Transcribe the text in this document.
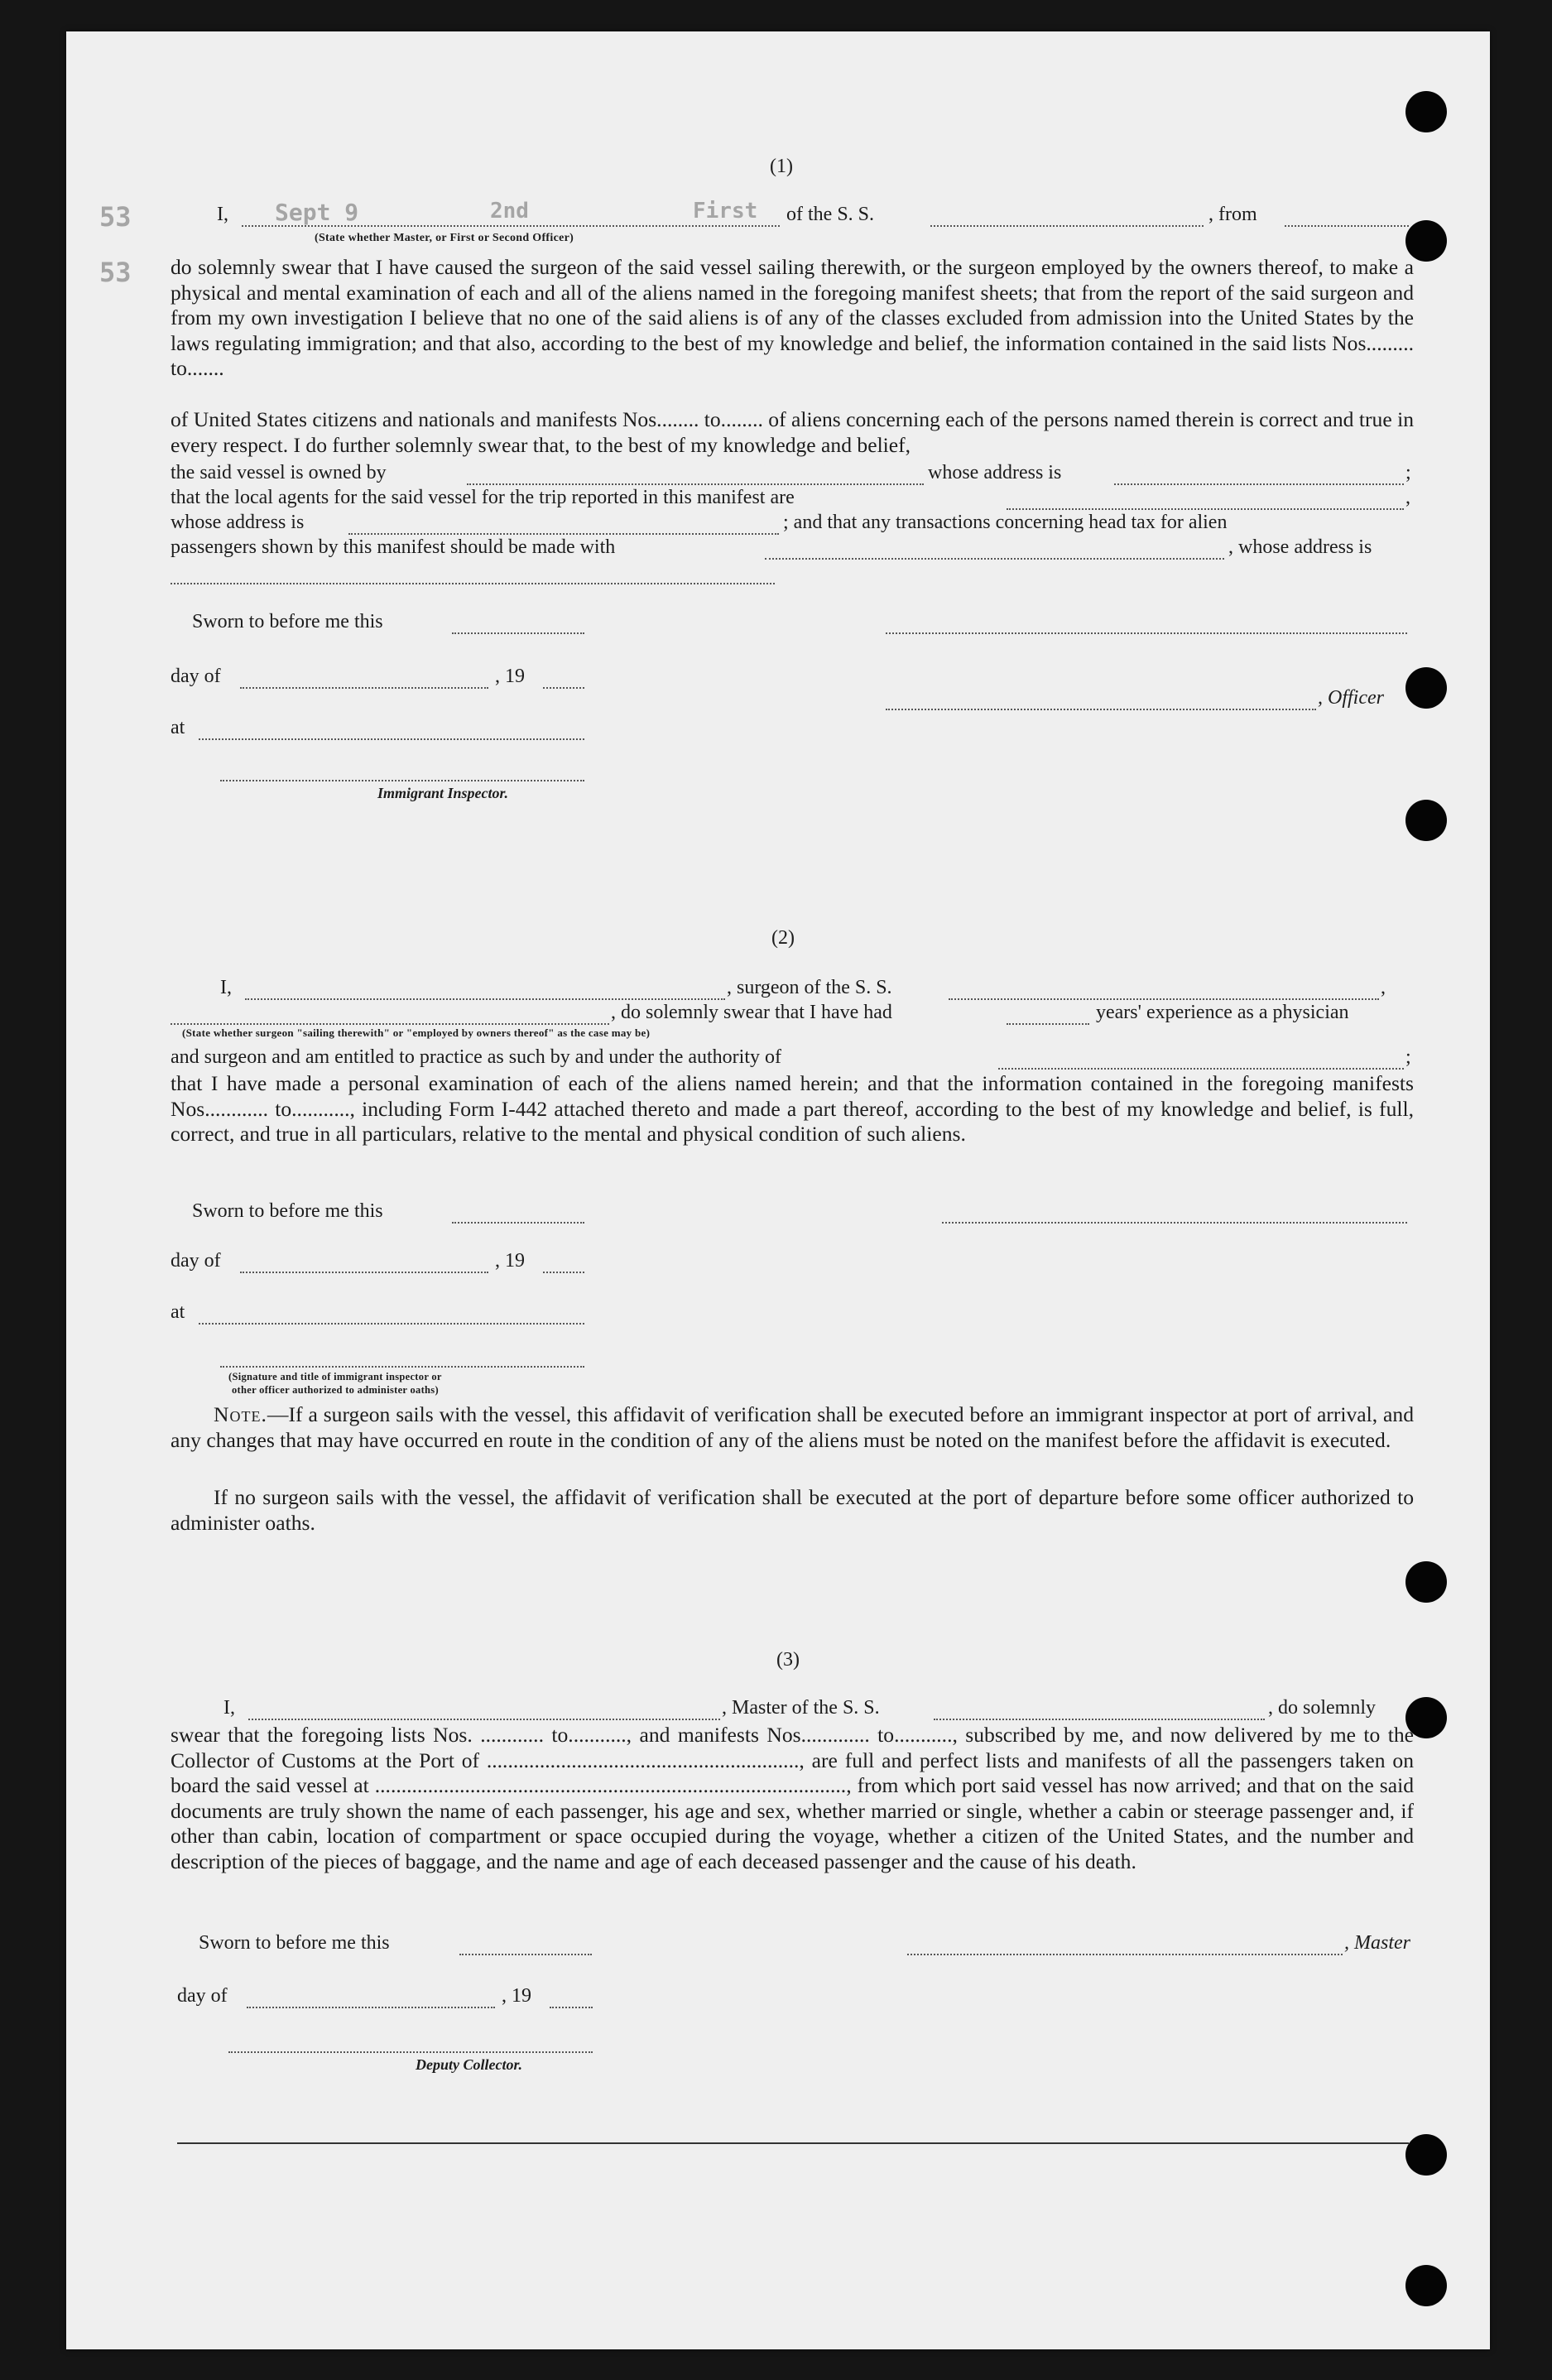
53
53
(1)
I, Sept 9	2nd	First of the S. S.	, from
(State whether Master, or First or Second Officer)
do solemnly swear that I have caused the surgeon of the said vessel sailing therewith, or the surgeon employed by the owners thereof, to make a physical and mental examination of each and all of the aliens named in the foregoing manifest sheets; that from the report of the said surgeon and from my own investigation I believe that no one of the said aliens is of any of the classes excluded from admission into the United States by the laws regulating immigration; and that also, according to the best of my knowledge and belief, the information contained in the said lists Nos......... to.......
of United States citizens and nationals and manifests Nos........ to........ of aliens concerning each of the persons named therein is correct and true in every respect. I do further solemnly swear that, to the best of my knowledge and belief,
the said vessel is owned by	whose address is	;
that the local agents for the said vessel for the trip reported in this manifest are	,
whose address is	; and that any transactions concerning head tax for alien
passengers shown by this manifest should be made with	, whose address is
Sworn to before me this
day of	, 19
, Officer
at
Immigrant Inspector.
(2)
I,	, surgeon of the S. S.	,
, do solemnly swear that I have had	years' experience as a physician
(State whether surgeon "sailing therewith" or "employed by owners thereof" as the case may be)
and surgeon and am entitled to practice as such by and under the authority of	;
that I have made a personal examination of each of the aliens named herein; and that the information contained in the foregoing manifests Nos............ to..........., including Form I-442 attached thereto and made a part thereof, according to the best of my knowledge and belief, is full, correct, and true in all particulars, relative to the mental and physical condition of such aliens.
Sworn to before me this
day of	, 19
at
(Signature and title of immigrant inspector or
other officer authorized to administer oaths)
Note.—If a surgeon sails with the vessel, this affidavit of verification shall be executed before an immigrant inspector at port of arrival, and any changes that may have occurred en route in the condition of any of the aliens must be noted on the manifest before the affidavit is executed.
If no surgeon sails with the vessel, the affidavit of verification shall be executed at the port of departure before some officer authorized to administer oaths.
(3)
I,	, Master of the S. S.	, do solemnly
swear that the foregoing lists Nos. ............ to..........., and manifests Nos............. to..........., subscribed by me, and now delivered by me to the Collector of Customs at the Port of ..........................................................., are full and perfect lists and manifests of all the passengers taken on board the said vessel at ........................................................................................., from which port said vessel has now arrived; and that on the said documents are truly shown the name of each passenger, his age and sex, whether married or single, whether a cabin or steerage passenger and, if other than cabin, location of compartment or space occupied during the voyage, whether a citizen of the United States, and the number and description of the pieces of baggage, and the name and age of each deceased passenger and the cause of his death.
Sworn to before me this	, Master
day of	, 19
Deputy Collector.
